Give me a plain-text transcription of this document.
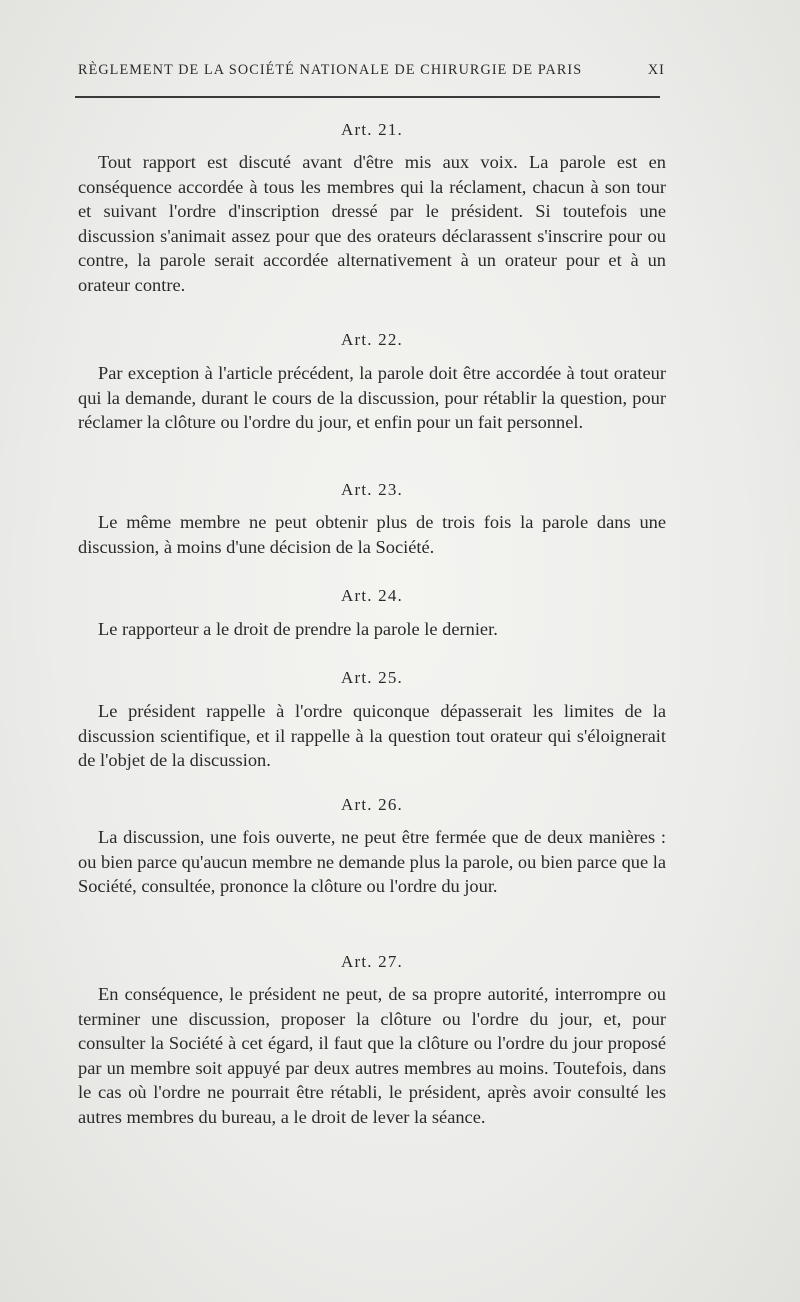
RÈGLEMENT DE LA SOCIÉTÉ NATIONALE DE CHIRURGIE DE PARIS	XI
Art. 21.

Tout rapport est discuté avant d'être mis aux voix. La parole est en conséquence accordée à tous les membres qui la réclament, chacun à son tour et suivant l'ordre d'inscription dressé par le président. Si toutefois une discussion s'animait assez pour que des orateurs déclarassent s'inscrire pour ou contre, la parole serait accordée alternativement à un orateur pour et à un orateur contre.

Art. 22.

Par exception à l'article précédent, la parole doit être accordée à tout orateur qui la demande, durant le cours de la discussion, pour rétablir la question, pour réclamer la clôture ou l'ordre du jour, et enfin pour un fait personnel.

Art. 23.

Le même membre ne peut obtenir plus de trois fois la parole dans une discussion, à moins d'une décision de la Société.

Art. 24.

Le rapporteur a le droit de prendre la parole le dernier.

Art. 25.

Le président rappelle à l'ordre quiconque dépasserait les limites de la discussion scientifique, et il rappelle à la question tout orateur qui s'éloignerait de l'objet de la discussion.

Art. 26.

La discussion, une fois ouverte, ne peut être fermée que de deux manières : ou bien parce qu'aucun membre ne demande plus la parole, ou bien parce que la Société, consultée, prononce la clôture ou l'ordre du jour.

Art. 27.

En conséquence, le président ne peut, de sa propre autorité, interrompre ou terminer une discussion, proposer la clôture ou l'ordre du jour, et, pour consulter la Société à cet égard, il faut que la clôture ou l'ordre du jour proposé par un membre soit appuyé par deux autres membres au moins. Toutefois, dans le cas où l'ordre ne pourrait être rétabli, le président, après avoir consulté les autres membres du bureau, a le droit de lever la séance.
